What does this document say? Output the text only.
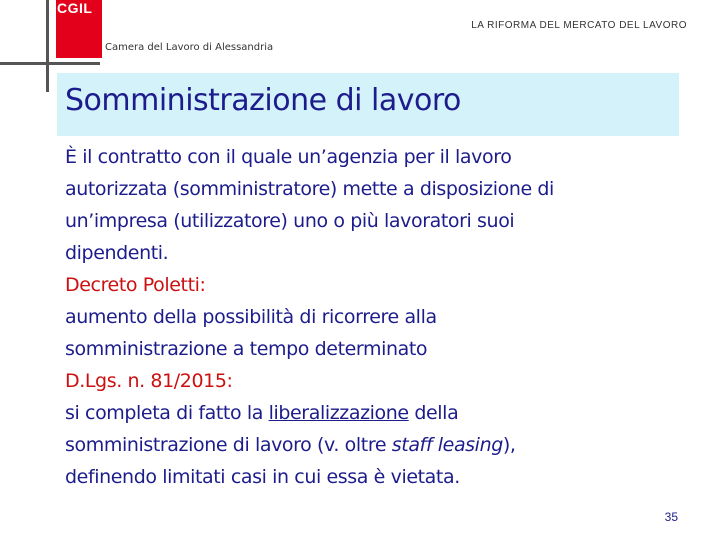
CGIL
Camera del Lavoro di Alessandria
LA RIFORMA DEL MERCATO DEL LAVORO
Somministrazione di lavoro

È il contratto con il quale un’agenzia per il lavoro

autorizzata (somministratore) mette a disposizione di

un’impresa (utilizzatore) uno o più lavoratori suoi

dipendenti.

Decreto Poletti:

aumento della possibilità di ricorrere alla

somministrazione a tempo determinato

D.Lgs. n. 81/2015:

si completa di fatto la liberalizzazione della

somministrazione di lavoro (v. oltre staff leasing),

definendo limitati casi in cui essa è vietata.

35
